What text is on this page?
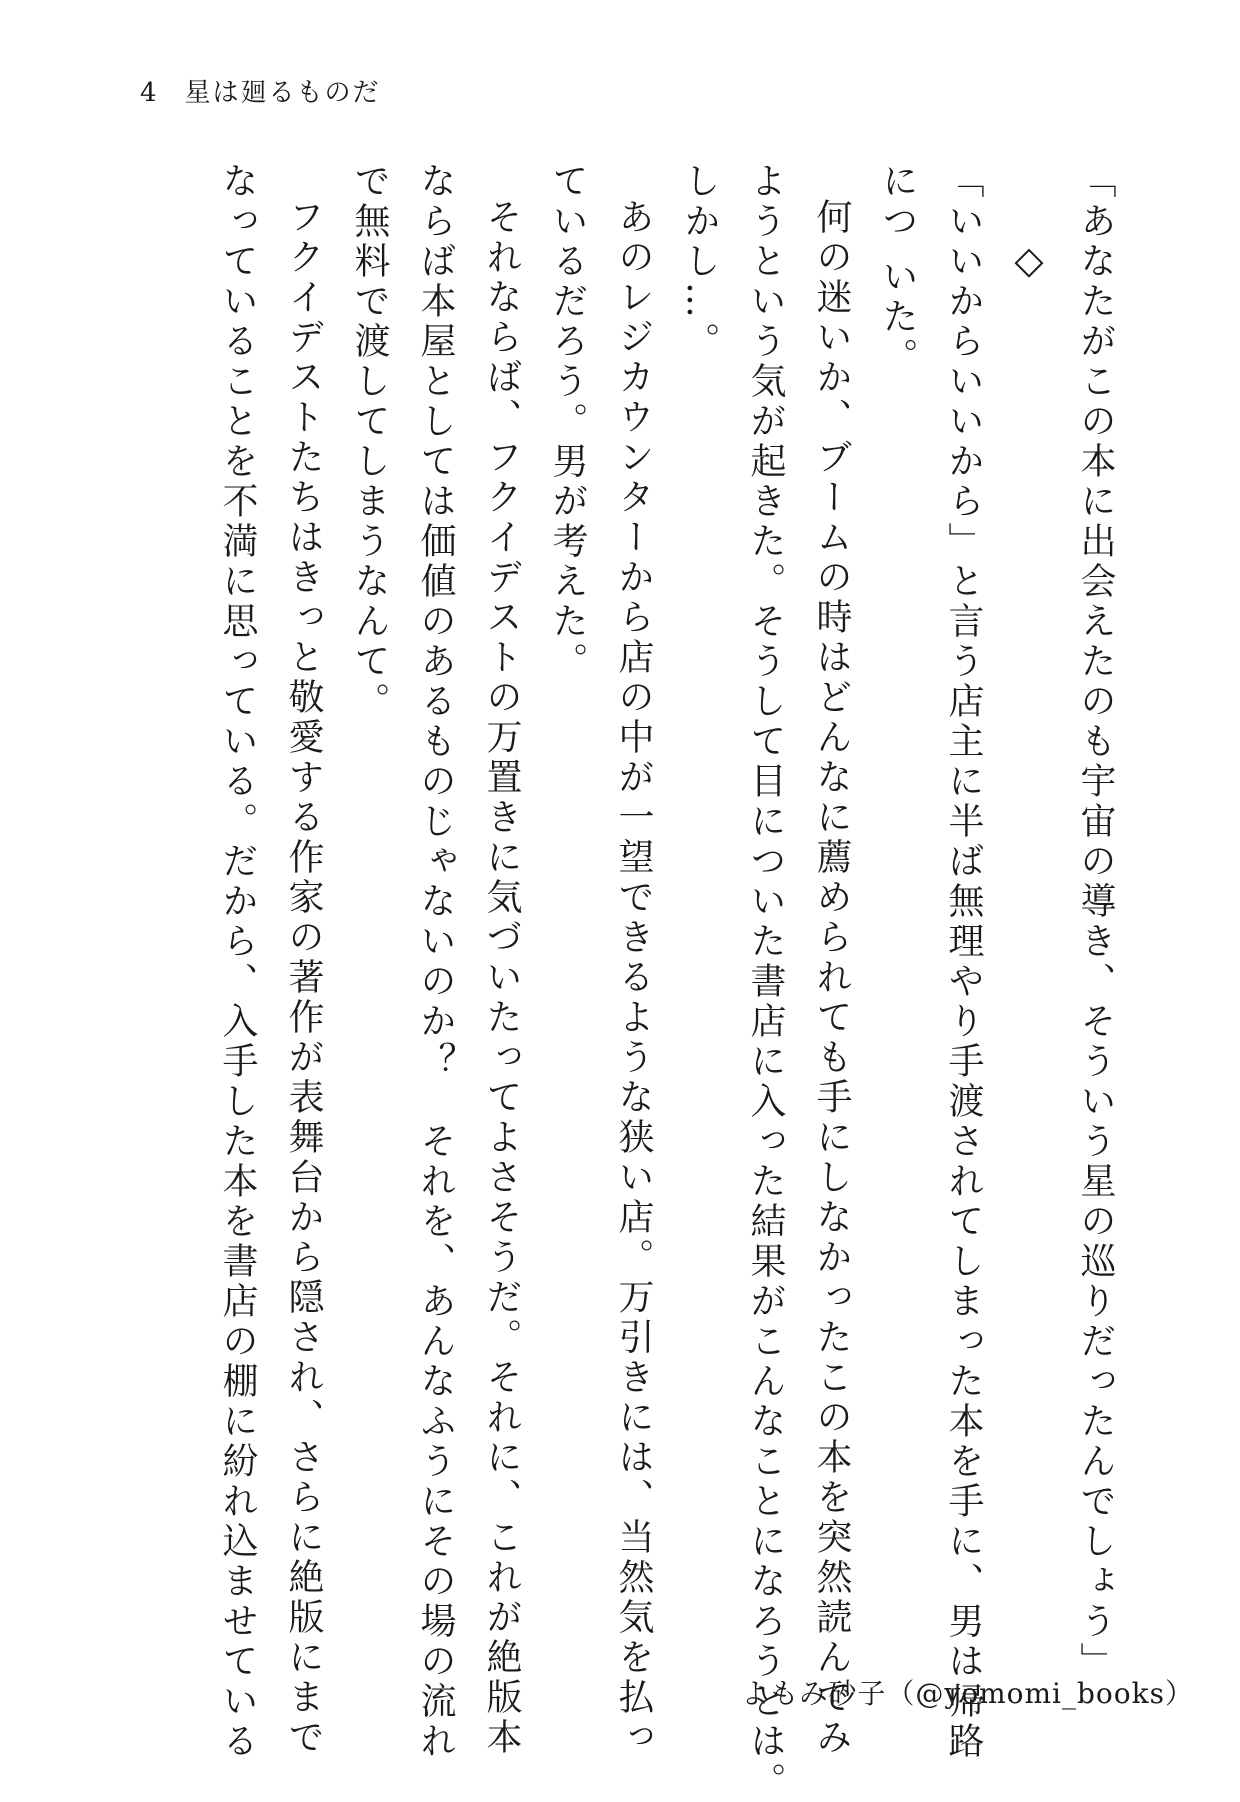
4 星は廻るものだ

「あなたがこの本に出会えたのも宇宙の導き、そういう星の巡りだったんでしょう」

◇

「いいからいいから」と言う店主に半ば無理やり手渡されてしまった本を手に、男は帰路

につ いた。

何の迷いか、ブームの時はどんなに薦められても手にしなかったこの本を突然読んでみ

ようという気が起きた。そうして目についた書店に入った結果がこんなことになろうとは。

しかし…。

あのレジカウンターから店の中が一望できるような狭い店。万引きには、当然気を払っ

ているだろう。男が考えた。

それならば、フクイデストの万置きに気づいたってよさそうだ。それに、これが絶版本

ならば本屋としては価値のあるものじゃないのか？　それを、あんなふうにその場の流れ

で無料で渡してしまうなんて。

フクイデストたちはきっと敬愛する作家の著作が表舞台から隠され、さらに絶版にまで

なっていることを不満に思っている。だから、入手した本を書店の棚に紛れ込ませている	よもみ砂子（@yomomi_books）
